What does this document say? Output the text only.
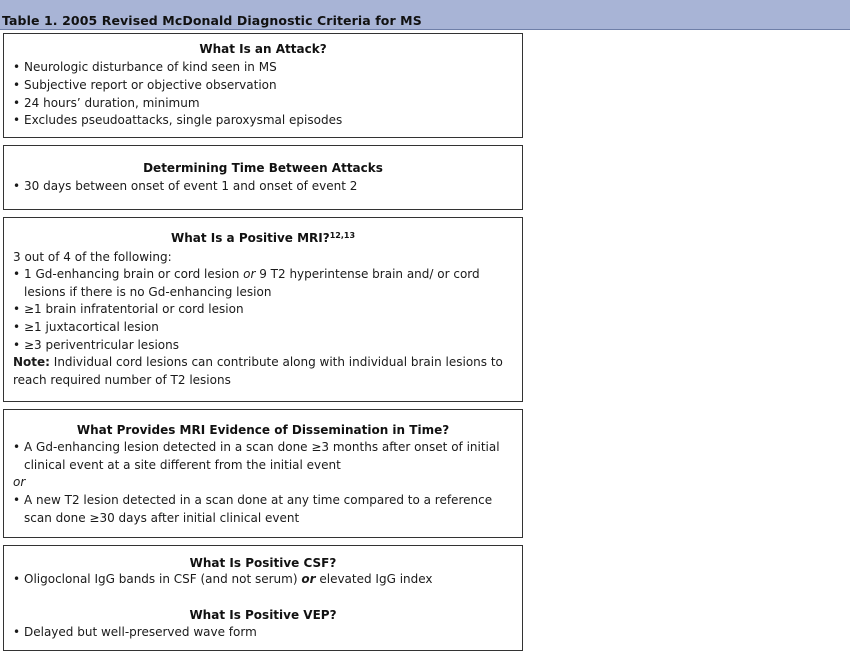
Table 1. 2005 Revised McDonald Diagnostic Criteria for MS
What Is an Attack?
• Neurologic disturbance of kind seen in MS
• Subjective report or objective observation
• 24 hours’ duration, minimum
• Excludes pseudoattacks, single paroxysmal episodes
Determining Time Between Attacks
• 30 days between onset of event 1 and onset of event 2
What Is a Positive MRI?$^{12,13}$
3 out of 4 of the following:
• 1 Gd-enhancing brain or cord lesion or 9 T2 hyperintense brain and/ or cord
lesions if there is no Gd-enhancing lesion
• ≥1 brain infratentorial or cord lesion
• ≥1 juxtacortical lesion
• ≥3 periventricular lesions
Note: Individual cord lesions can contribute along with individual brain lesions to
reach required number of T2 lesions
What Provides MRI Evidence of Dissemination in Time?
• A Gd-enhancing lesion detected in a scan done ≥3 months after onset of initial
clinical event at a site different from the initial event
or
• A new T2 lesion detected in a scan done at any time compared to a reference
scan done ≥30 days after initial clinical event
What Is Positive CSF?
• Oligoclonal IgG bands in CSF (and not serum) or elevated IgG index
What Is Positive VEP?
• Delayed but well-preserved wave form
